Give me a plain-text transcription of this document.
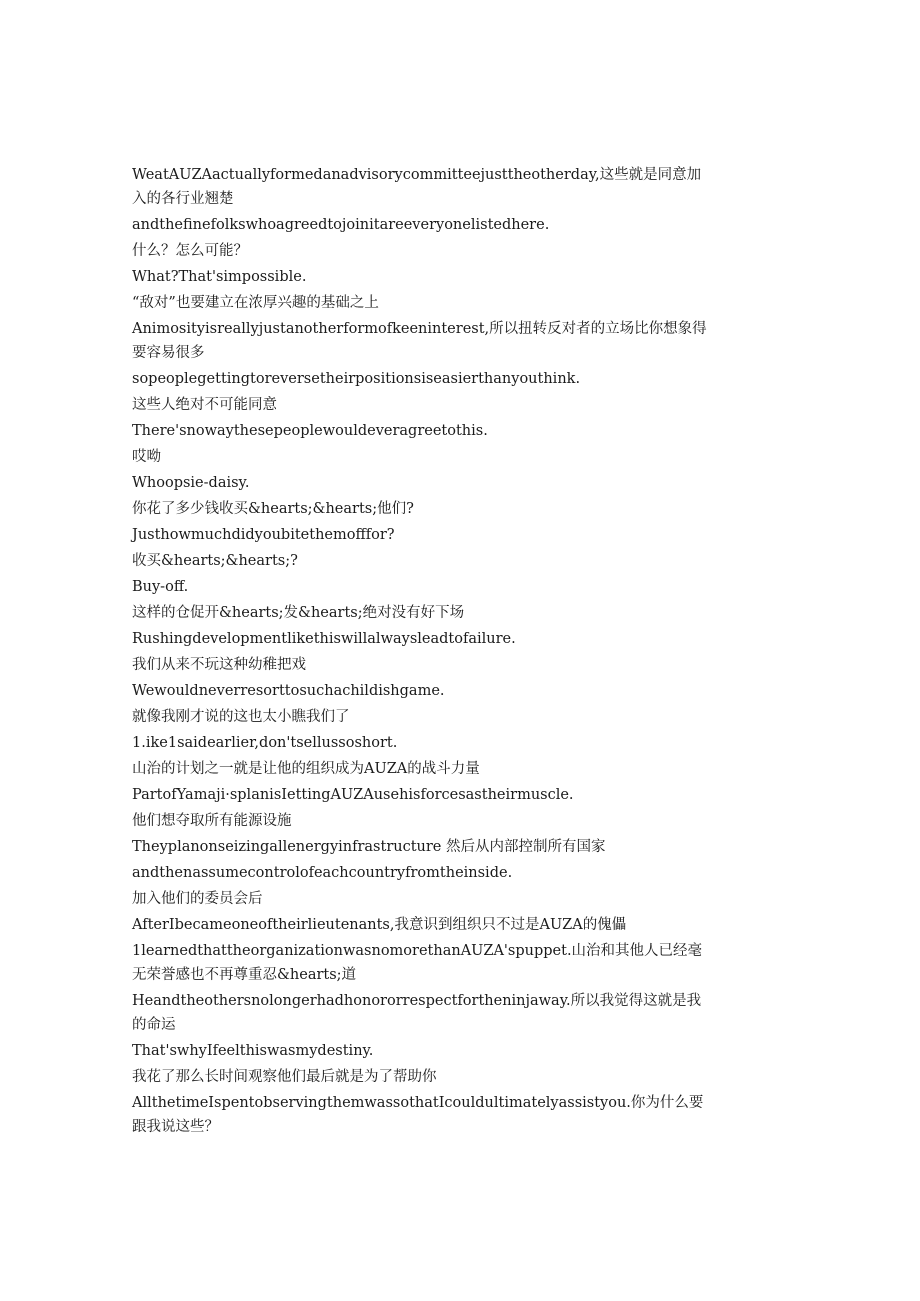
WeatAUZAactuallyformedanadvisorycommitteejusttheotherday,这些就是同意加入的各行业翘楚

andthefinefolkswhoagreedtojoinitareeveryonelistedhere.

什么？怎么可能？

What?That'simpossible.

“敌对”也要建立在浓厚兴趣的基础之上

Animosityisreallyjustanotherformofkeeninterest,所以扭转反对者的立场比你想象得要容易很多

sopeoplegettingtoreversetheirpositionsiseasierthanyouthink.

这些人绝对不可能同意

There'snowaythesepeoplewouldeveragreetothis.

哎呦

Whoopsie-daisy.

你花了多少钱收买&hearts;&hearts;他们?

Justhowmuchdidyoubitethemofffor?

收买&hearts;&hearts;?

Buy-off.

这样的仓促开&hearts;发&hearts;绝对没有好下场

Rushingdevelopmentlikethiswillalwaysleadtofailure.

我们从来不玩这种幼稚把戏

Wewouldneverresorttosuchachildishgame.

就像我刚才说的这也太小瞧我们了

1.ike1saidearlier,don'tsellussoshort.

山治的计划之一就是让他的组织成为AUZA的战斗力量

PartofYamaji·splanisIettingAUZAusehisforcesastheirmuscle.

他们想夺取所有能源设施

Theyplanonseizingallenergyinfrastructure 然后从内部控制所有国家

andthenassumecontrolofeachcountryfromtheinside.

加入他们的委员会后

AfterIbecameoneoftheirlieutenants,我意识到组织只不过是AUZA的傀儡

1learnedthattheorganizationwasnomorethanAUZA'spuppet.山治和其他人已经毫无荣誉感也不再尊重忍&hearts;道

Heandtheothersnolongerhadhonororrespectfortheninjaway.所以我觉得这就是我的命运

That'swhyIfeelthiswasmydestiny.

我花了那么长时间观察他们最后就是为了帮助你

AllthetimeIspentobservingthemwassothatIcouldultimatelyassistyou.你为什么要跟我说这些？
